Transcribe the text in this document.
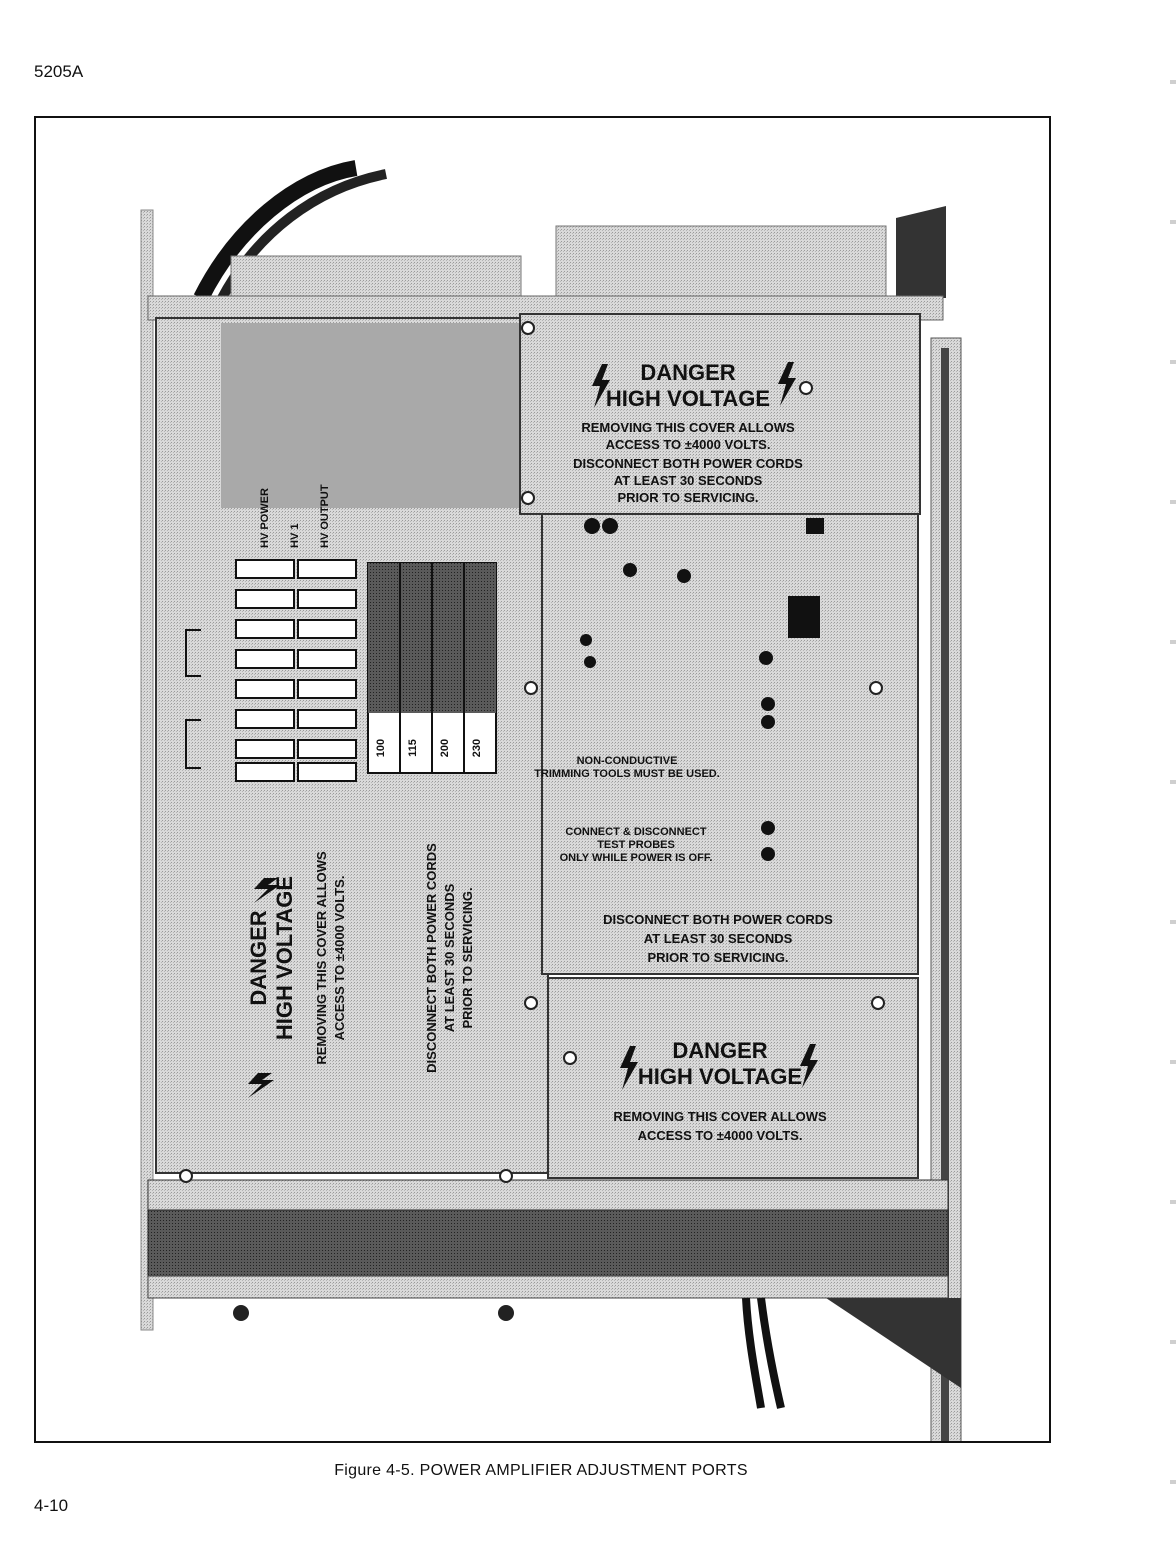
5205A
100 115 200 230
HV POWER HV 1 HV OUTPUT
DANGER
HIGH VOLTAGE
REMOVING THIS COVER ALLOWS
ACCESS TO ±4000 VOLTS.
DISCONNECT BOTH POWER CORDS
AT LEAST 30 SECONDS
PRIOR TO SERVICING.
NON-CONDUCTIVE
TRIMMING TOOLS MUST BE USED.
CONNECT & DISCONNECT
TEST PROBES
ONLY WHILE POWER IS OFF.
DISCONNECT BOTH POWER CORDS
AT LEAST 30 SECONDS
PRIOR TO SERVICING.
DANGER
HIGH VOLTAGE
REMOVING THIS COVER ALLOWS
ACCESS TO ±4000 VOLTS.
DANGER HIGH VOLTAGE REMOVING THIS COVER ALLOWS ACCESS TO ±4000 VOLTS.	DISCONNECT BOTH POWER CORDS AT LEAST 30 SECONDS PRIOR TO SERVICING.
Figure 4-5. POWER AMPLIFIER ADJUSTMENT PORTS
4-10
